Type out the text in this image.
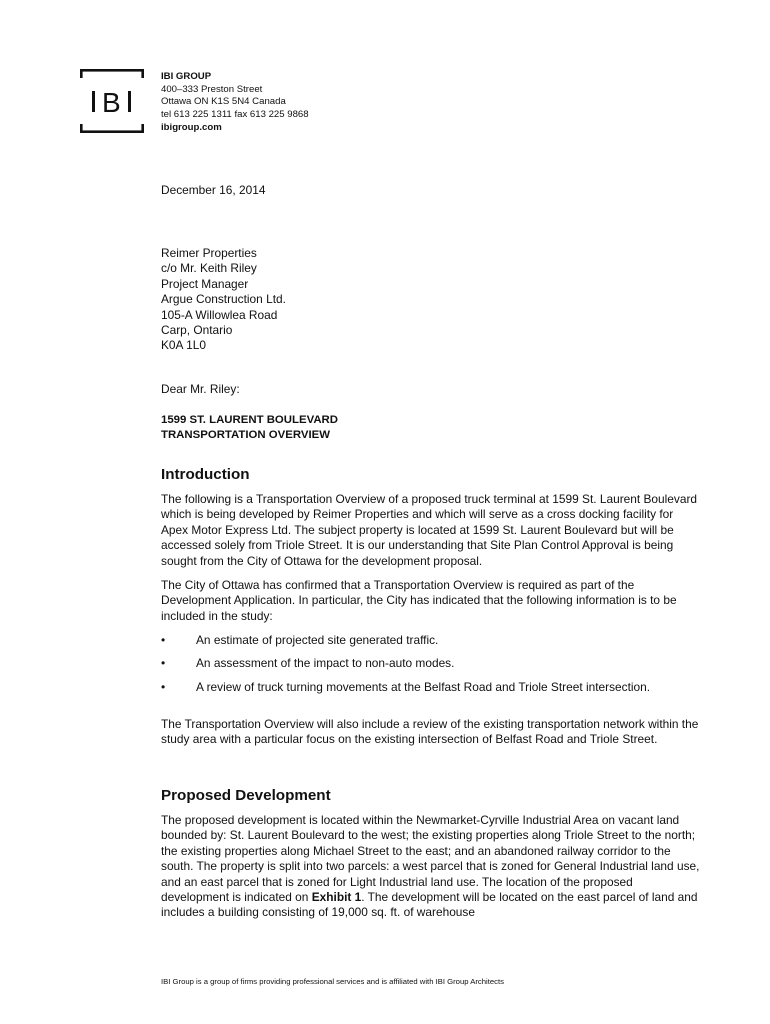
B
IBI GROUP
400–333 Preston Street
Ottawa ON K1S 5N4 Canada
tel 613 225 1311 fax 613 225 9868
ibigroup.com
December 16, 2014
Reimer Properties
c/o Mr. Keith Riley
Project Manager
Argue Construction Ltd.
105-A Willowlea Road
Carp, Ontario
K0A 1L0
Dear Mr. Riley:
1599 ST. LAURENT BOULEVARD
TRANSPORTATION OVERVIEW
Introduction
The following is a Transportation Overview of a proposed truck terminal at 1599 St. Laurent Boulevard which is being developed by Reimer Properties and which will serve as a cross docking facility for Apex Motor Express Ltd. The subject property is located at 1599 St. Laurent Boulevard but will be accessed solely from Triole Street. It is our understanding that Site Plan Control Approval is being sought from the City of Ottawa for the development proposal.
The City of Ottawa has confirmed that a Transportation Overview is required as part of the Development Application. In particular, the City has indicated that the following information is to be included in the study:
•	An estimate of projected site generated traffic.
•	An assessment of the impact to non-auto modes.
•	A review of truck turning movements at the Belfast Road and Triole Street intersection.
The Transportation Overview will also include a review of the existing transportation network within the study area with a particular focus on the existing intersection of Belfast Road and Triole Street.
Proposed Development
The proposed development is located within the Newmarket-Cyrville Industrial Area on vacant land bounded by: St. Laurent Boulevard to the west; the existing properties along Triole Street to the north; the existing properties along Michael Street to the east; and an abandoned railway corridor to the south. The property is split into two parcels: a west parcel that is zoned for General Industrial land use, and an east parcel that is zoned for Light Industrial land use. The location of the proposed development is indicated on Exhibit 1. The development will be located on the east parcel of land and includes a building consisting of 19,000 sq. ft. of warehouse
IBI Group is a group of firms providing professional services and is affiliated with IBI Group Architects
